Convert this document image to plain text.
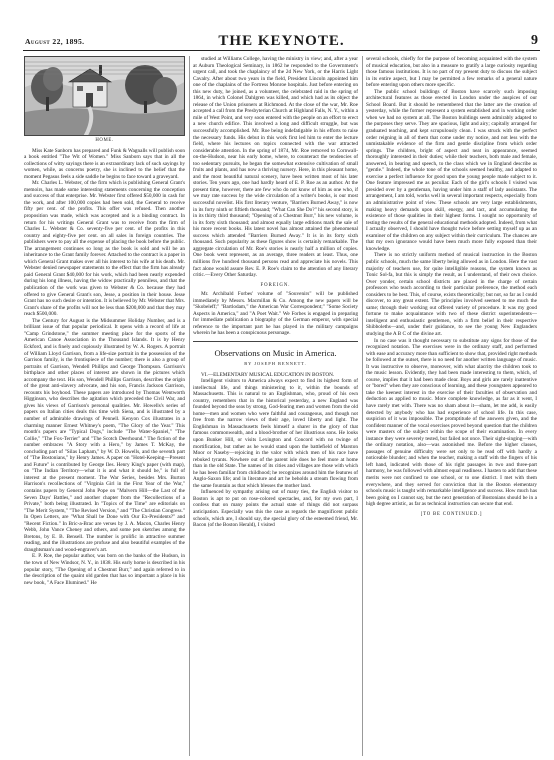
August 22, 1895.	THE KEYNOTE.	9
HOME.

Miss Kate Sanborn has prepared and Funk & Wagnalls will publish soon a book entitled "The Wit of Women." Miss Sanborn says that in all the collections of witty sayings there is an extraordinary lack of such sayings by women, while, as concerns poetry, she is inclined to the belief that the moment Pegasus feels a side saddle he begins to face toward a graveyard.

Mr. Charles L. Webster, of the firm which is publishing General Grant's memoirs, has made some interesting statements concerning the conception and success of that enterprise. Mr. Webster first offered $50,000 in cash for the work, and after 100,000 copies had been sold, the General to receive fifty per cent. of the profits. This offer was refused. Then another proposition was made, which was accepted and is a binding contract. In return for his writings General Grant was to receive from the firm of Charles L. Webster & Co. seventy-five per cent. of the profits in this country and eighty-five per cent. on all sales in foreign countries. The publishers were to pay all the expense of placing the book before the public. The arrangement continues so long as the book is sold and will be an inheritance to the Grant family forever. Attached to the contract is a paper in which General Grant makes over all his interest to his wife at his death. Mr. Webster denied newspaper statements to the effect that the firm has already paid General Grant $40,000 for his work, which had been nearly expended during his long illness, having the widow practically penniless, and that the publication of the work was given to Webster & Co. because they had offered to give General Grant's son, Jesse, a position in their house. Jesse Grant has no such desire or intention. It is believed by Mr. Webster that Mrs. Grant's share of the profits will not be less than $200,000 and that they may reach $500,000.

The Century for August is the Midsummer Holiday Number, and is a brilliant issue of that popular periodical. It opens with a record of life at "Camp Grindstone," the summer meeting place for the sports of the American Canoe Association in the Thousand Islands. It is by Henry Eckford, and is finely and copiously illustrated by W. A. Rogers. A portrait of William Lloyd Garrison, from a life-size portrait in the possession of the Garrison family, is the frontispiece of the number; there is also a group of portraits of Garrison, Wendell Phillips and George Thompson. Garrison's birthplace and other places of interest are shown in the pictures which accompany the text. His son, Wendell Phillips Garrison, describes the origin of the great anti-slavery advocate, and his son, Francis Jackson Garrison, recounts his boyhood. These papers are introduced by Thomas Wentworth Higginson, who describes the agitation which preceded the Civil War, and gives his views of Garrison's personal qualities. Mr. Howells's series of papers on Italian cities deals this time with Siena, and is illustrated by a number of admirable drawings of Pennell. Kenyon Cox illustrates in a charming manner Ernest Whitney's poem, "The Glory of the Year." This month's papers are "Typical Dogs," include "The Water-Spaniel," "The Collie," "The Fox-Terrier" and "The Scotch Deerhound." The fiction of the number embraces "A Story with a Hero," by James T. McKay, the concluding part of "Silas Lapham," by W. D. Howells, and the seventh part of "The Bostonians," by Henry James. A paper on "Hotel-Keeping—Present and Future" is contributed by George Iles. Henry King's paper (with map), on "The Indian Territory—what it is and what it should be," is full of interest at the present moment. The War Series, besides Mrs. Burton Harrison's recollections of "Virginia Girl in the First Year of the War," contains papers by General John Pope on "Malvern Hill—the Last of the Seven Days' Battles," and another chapter from the "Recollections of a Private," both being illustrated. In "Topics of the Time" are editorials on "The Merit System," "The Revised Version," and "The Christian Congress." In Open Letters, are "What Shall be Done with Our Ex-Presidents?" and "Recent Fiction." In Bric-a-Brac are verses by J. A. Macon, Charles Henry Webb, John Vance Cheney and others, and some pen sketches among the Bretons, by E. B. Bensell. The number is prolific in attractive summer reading, and the illustrations are profuse and also beautiful examples of the draughtsman's and wood-engraver's art.

E. P. Roe, the popular author, was born on the banks of the Hudson, in the town of New Windsor, N. Y., in 1838. His early home is described in his popular story, "The Opening of a Chestnut Burr," and again referred to in the description of the quaint old garden that has so important a place in his new book, "A Face Illumined." He

studied at Williams College, having the ministry in view; and, after a year at Auburn Theological Seminary, in 1862 he responded to the Government's urgent call, and took the chaplaincy of the 2d New York, or the Harris Light Cavalry. After about two years in the field, President Lincoln appointed him one of the chaplains of the Fortress Monroe hospitals. Just before entering on this new duty, he joined, as a volunteer, the celebrated raid in the spring of 1864, in which Colonel Dahlgren was killed, and which had as its object the release of the Union prisoners at Richmond. At the close of the war, Mr. Roe accepted a call from the Presbyterian Church at Highland Falls, N. Y., within a mile of West Point, and very soon entered with the people on an effort to erect a new church edifice. This involved a long and difficult struggle, but was successfully accomplished. Mr. Roe being indefatigable in his efforts to raise the necessary funds. His debut in this work first led him to enter the lecture field, where his lectures on topics connected with the war attracted considerable attention. In the spring of 1874, Mr. Roe removed to Cornwall-on-the-Hudson, near his early home, where, to counteract the tendencies of too sedentary pursuits, he began the somewhat extensive cultivation of small fruits and plants, and has now a thriving nursery. Here, in this pleasant home, and the most beautiful natural scenery, have been written most of his later stories. Ten years ago, one had hardly heard of E. P. Roe as an author. At the present time, however, there are few who do not know of him as one who, if we may rate success by the wide circulation of a writer's books, is our most successful novelist. His first literary venture, "Barriers Burned Away," is now in its forty ninth or fiftieth thousand; "What Can She Do?" his second story, is in its thirty third thousand; "Opening of a Chestnut Burr," his new volume, is in its forty sixth thousand; and almost equally large editions mark the sale of his more recent books. His latest novel has almost attained the phenomenal success which attended "Barriers Burned Away." It is in its forty sixth thousand. Such popularity as these figures show is certainly remarkable. The aggregate circulation of Mr. Roe's stories is nearly half a million of copies. One book went represent, as an average, three readers at least. Thus, one millions five hundred thousand persons read and appreciate his novels. This fact alone would assure Rev. E. P. Roe's claim to the attention of any literary critic.—Every Other Saturday.

FOREIGN.

Mr. Archibald Forbes' volume of "Souvenirs" will be published immediately by Messrs. Macmillan & Co. Among the new papers will be "Skobeleff;" "Bartlodam," the American War Correspondent;" "Some Society Aspects in America," and "A Poet Wait." We Forbes is engaged in preparing for immediate publication a biography of the German emperor, with special reference to the important part he has played in the military campaigns wherein he has been a conspicuous personage.

Observations on Music in America.
BY JOSEPH BENNETT.

VI.—ELEMENTARY MUSICAL EDUCATION IN BOSTON.

Intelligent visitors to America always expect to find its highest form of intellectual life, and things ministering to it, within the bounds of Massachusetts. This is natural to an Englishman, who, proud of his own country, remembers that in the historical yesterday, a new England was founded beyond the seas by strong, God-fearing men and women from the old home—men and women who were faithful and courageous, and though not free from the narrow views of their age, loved liberty and light. The Englishman in Massachusetts feels himself a sharer in the glory of that famous commonwealth, and a blood-brother of her illustrious sons. He looks upon Bunker Hill, or visits Lexington and Concord with no twinge of mortification, but rather as he would stand upon the battlefield of Marston Moor or Naseby—rejoicing in the valor with which men of his race have rebuked tyrants. Nowhere out of the parent isle does he feel more at home than in the old State. The names of its cities and villages are those with which he has been familiar from childhood; he recognizes around him the features of Anglo-Saxon life; and in literature and art he beholds a stream flowing from the same fountain as that which blesses the mother land.

Influenced by sympathy arising out of many ties, the English visitor to Boston is apt to put on rose-colored spectacles, and, for my own part, I confess that on many points the actual state of things did not surpass anticipation. Especially was this the case as regards the magnificent public schools, which are, I should say, the special glory of the esteemed friend, Mr. Bacon (of the Boston Herald), I visited

several schools, chiefly for the purpose of becoming acquainted with the system of musical education, but also in a measure to gratify a large curiosity regarding those famous institutions. It is no part of my present duty to discuss the subject in its entire aspect, but I may be permitted a few remarks of a general nature before entering upon others more specific.

The public school buildings of Boston have scarcely such imposing architectural features as those erected in London under the auspices of our School Board. But it should be remembered that the latter are the creation of yesterday, while the former represent a system established and in working order when we had no system at all. The Boston buildings seem admirably adapted to the purposes they serve. They are spacious, light and airy; capitally arranged for graduated teaching, and kept scrupulously clean. I was struck with the perfect order reigning in all of them that come under my notice, and not less with the unmistakable evidence of the firm and gentle discipline from which order springs. The children, bright of aspect and neat in appearance, seemed thoroughly interested in their duties; while their teachers, both male and female, answered, in bearing and speech, to the class which we in England describe as "gentle." Indeed, the whole tone of the schools seemed healthy, and adapted to exercise a perfect influence for good upon the young people made subject to it. One feature impressed me as peculiar. Each of the girl's schools I visited was presided over by a gentleman, having under him a staff of lady assistants. The arrangement, I am told, works well in several important respects, especially from an administrative point of view. These schools are very large establishments, making heavy demands upon skill, energy, and tact, and accumulating the existence of those qualities in their highest forms. I sought no opportunity of testing the results of the general educational methods adopted. Indeed, from what I actually observed, I should have thought twice before setting myself up as an examiner of the children on any subject within their curriculum. The chances are that my own ignorance would have been much more fully exposed than their knowledge.

There is no strictly uniform method of musical instruction in the Boston public schools, much the same liberty being allowed as in London. Here the vast majority of teachers use, for quite intelligible reasons, the system known as Tonic Sol-fa, but this is simply the result, as I understand, of their own choice. Over yonder, certain school districts are placed in the charge of certain professors who teach according to their particular preference, the method each considers to be best. This, of course, exists theoretically; but not, so far as I could discover, to any great extent. The principles involved seemed to me much the same; through their working out offered variety of procedure. It was my good fortune to make acquaintance with two of these district superintendents—intelligent and enthusiastic gentlemen, with a firm belief in their respective Shibboleths—and, under their guidance, to see the young New Englanders studying the A B C of the divine art.

In no case was it thought necessary to substitute any signs for those of the recognized notation. The exercises were in the ordinary staff, and performed with ease and accuracy more than sufficient to show that, provided right methods be followed at the outset, there is no need for another written language of music. It was instructive to observe, moreover, with what alacrity the children took to the music lesson. Evidently, they had been made interesting to them, which, of course, implies that it had been made clear. Boys and girls are rarely inattentive or "bored" when they are conscious of learning, and these youngsters appeared to take the keenest interest in the exercise of their faculties of observation and deduction as applied to music. More complete knowledge, as far as it went, I have rarely met with. There was no sham about it—sham, let me add, is easily detected by anybody who has had experience of school life. In this case, suspicion of it was impossible. The promptitude of the answers given, and the confident manner of the vocal exercises proved beyond question that the children were masters of the subject within the scope of their examination. In every instance they were severely tested, but failed not once. Their sight-singing—with the ordinary notation, also—was astonished me. Before the higher classes, passages of genuine difficulty were set only to be read off with hardly a noticeable blunder; and when the teacher, making a staff with the fingers of his left hand, indicated with those of his right passages in two and three-part harmony, he was followed with almost equal readiness. I hasten to add that these merits were not confined to one school, or to one district. I met with them everywhere, and they served for conviction that in the Boston elementary schools music is taught with remarkable intelligence and success. How much has been going on I cannot say, but the next generation of Bostonians should be in a high degree artistic, as far as technical instruction can secure that end.

[TO BE CONTINUED.]
